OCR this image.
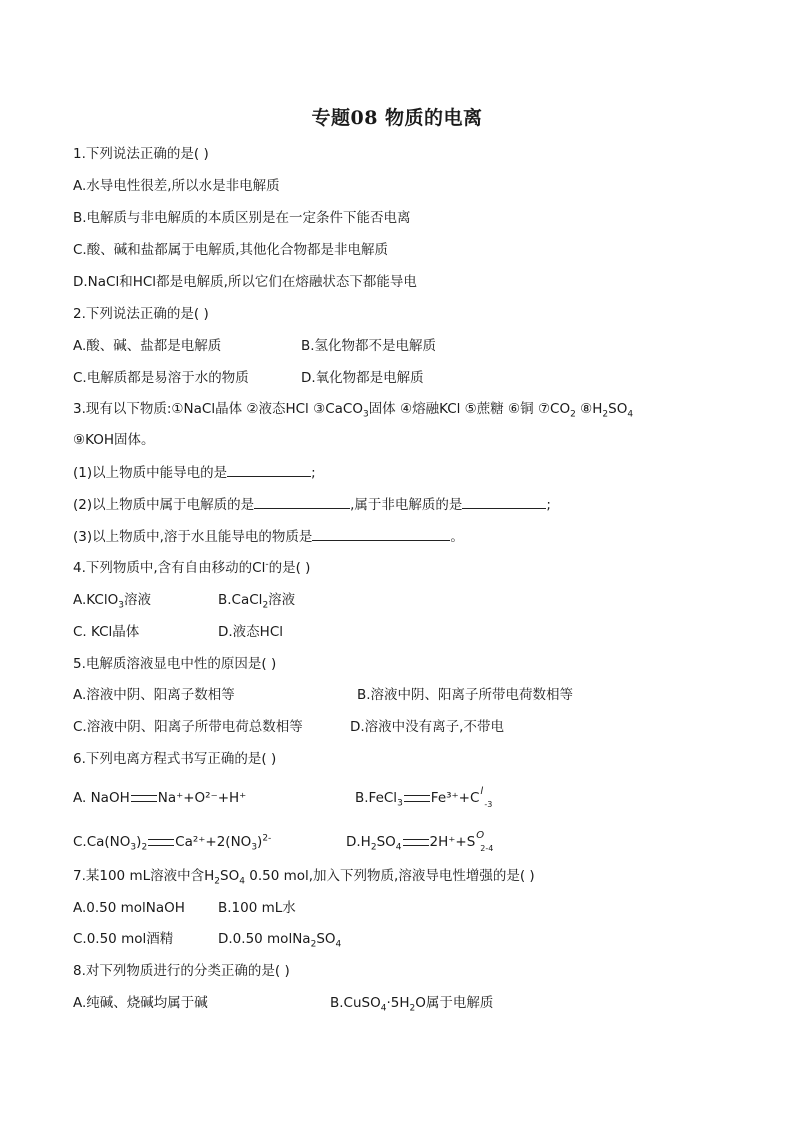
专题08 物质的电离
1.下列说法正确的是( )
A.水导电性很差,所以水是非电解质
B.电解质与非电解质的本质区别是在一定条件下能否电离
C.酸、碱和盐都属于电解质,其他化合物都是非电解质
D.NaCl和HCl都是电解质,所以它们在熔融状态下都能导电
2.下列说法正确的是( )
A.酸、碱、盐都是电解质	B.氢化物都不是电解质
C.电解质都是易溶于水的物质	D.氧化物都是电解质
3.现有以下物质:①NaCl晶体 ②液态HCl ③CaCO$_3$固体 ④熔融KCl ⑤蔗糖 ⑥铜 $⑦CO_2$ $⑧H_2SO_4$
⑨KOH固体。
(1)以上物质中能导电的是	;
(2)以上物质中属于电解质的是	,属于非电解质的是	;
(3)以上物质中,溶于水且能导电的物质是	。
4.下列物质中,含有自由移动的Cl-的是( )
A.KClO$_3$溶液	B.CaCl$_2$溶液
C. KCl晶体	D.液态HCl
5.电解质溶液显电中性的原因是( )
A.溶液中阴、阳离子数相等	B.溶液中阴、阳离子所带电荷数相等
C.溶液中阴、阳离子所带电荷总数相等	D.溶液中没有离子,不带电
6.下列电离方程式书写正确的是( )
A. NaOH Na⁺+O²⁻+H⁺	B.FeCl$_3$ Fe³⁺+C l
-3
$C.Ca(NO_3)_2$ $Ca^{2+}+2(NO_3)^{2-}$	$D.H_2SO_4$ 2H⁺+S O
2-4
7.某100 mL溶液中含$H_2SO_4$ 0.50 mol,加入下列物质,溶液导电性增强的是( )
A.0.50 molNaOH B.100 mL水
C.0.50 mol酒精	D.0.50 $molNa_2SO_4$
8.对下列物质进行的分类正确的是( )
A.纯碱、烧碱均属于碱	$B.CuSO_4\cdot 5H_2O$属于电解质
